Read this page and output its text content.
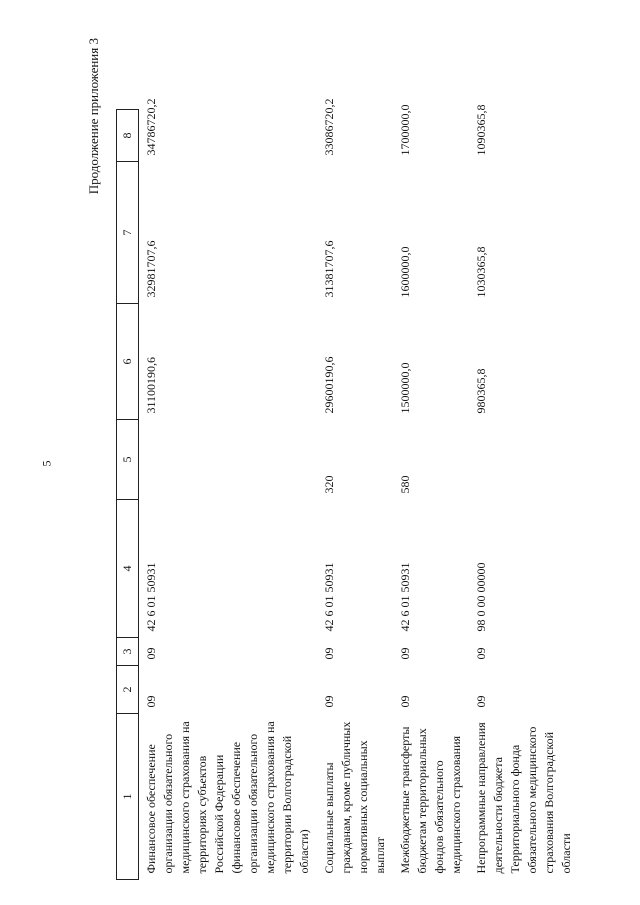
5
Продолжение приложения 3
1	2	3	4	5	6	7	8
Финансовое обеспечение организации обязательного медицинского страхования на территориях субъектов Российской Федерации (финансовое обеспечение организации обязательного медицинского страхования на территории Волгоградской области)	09	09	42 6 01 50931		31100190,6	32981707,6	34786720,2
Социальные выплаты гражданам, кроме публичных нормативных социальных выплат	09	09	42 6 01 50931	320	29600190,6	31381707,6	33086720,2
Межбюджетные трансферты бюджетам территориальных фондов обязательного медицинского страхования	09	09	42 6 01 50931	580	1500000,0	1600000,0	1700000,0
Непрограммные направления деятельности бюджета Территориального фонда обязательного медицинского страхования Волгоградской области	09	09	98 0 00 00000		980365,8	1030365,8	1090365,8
